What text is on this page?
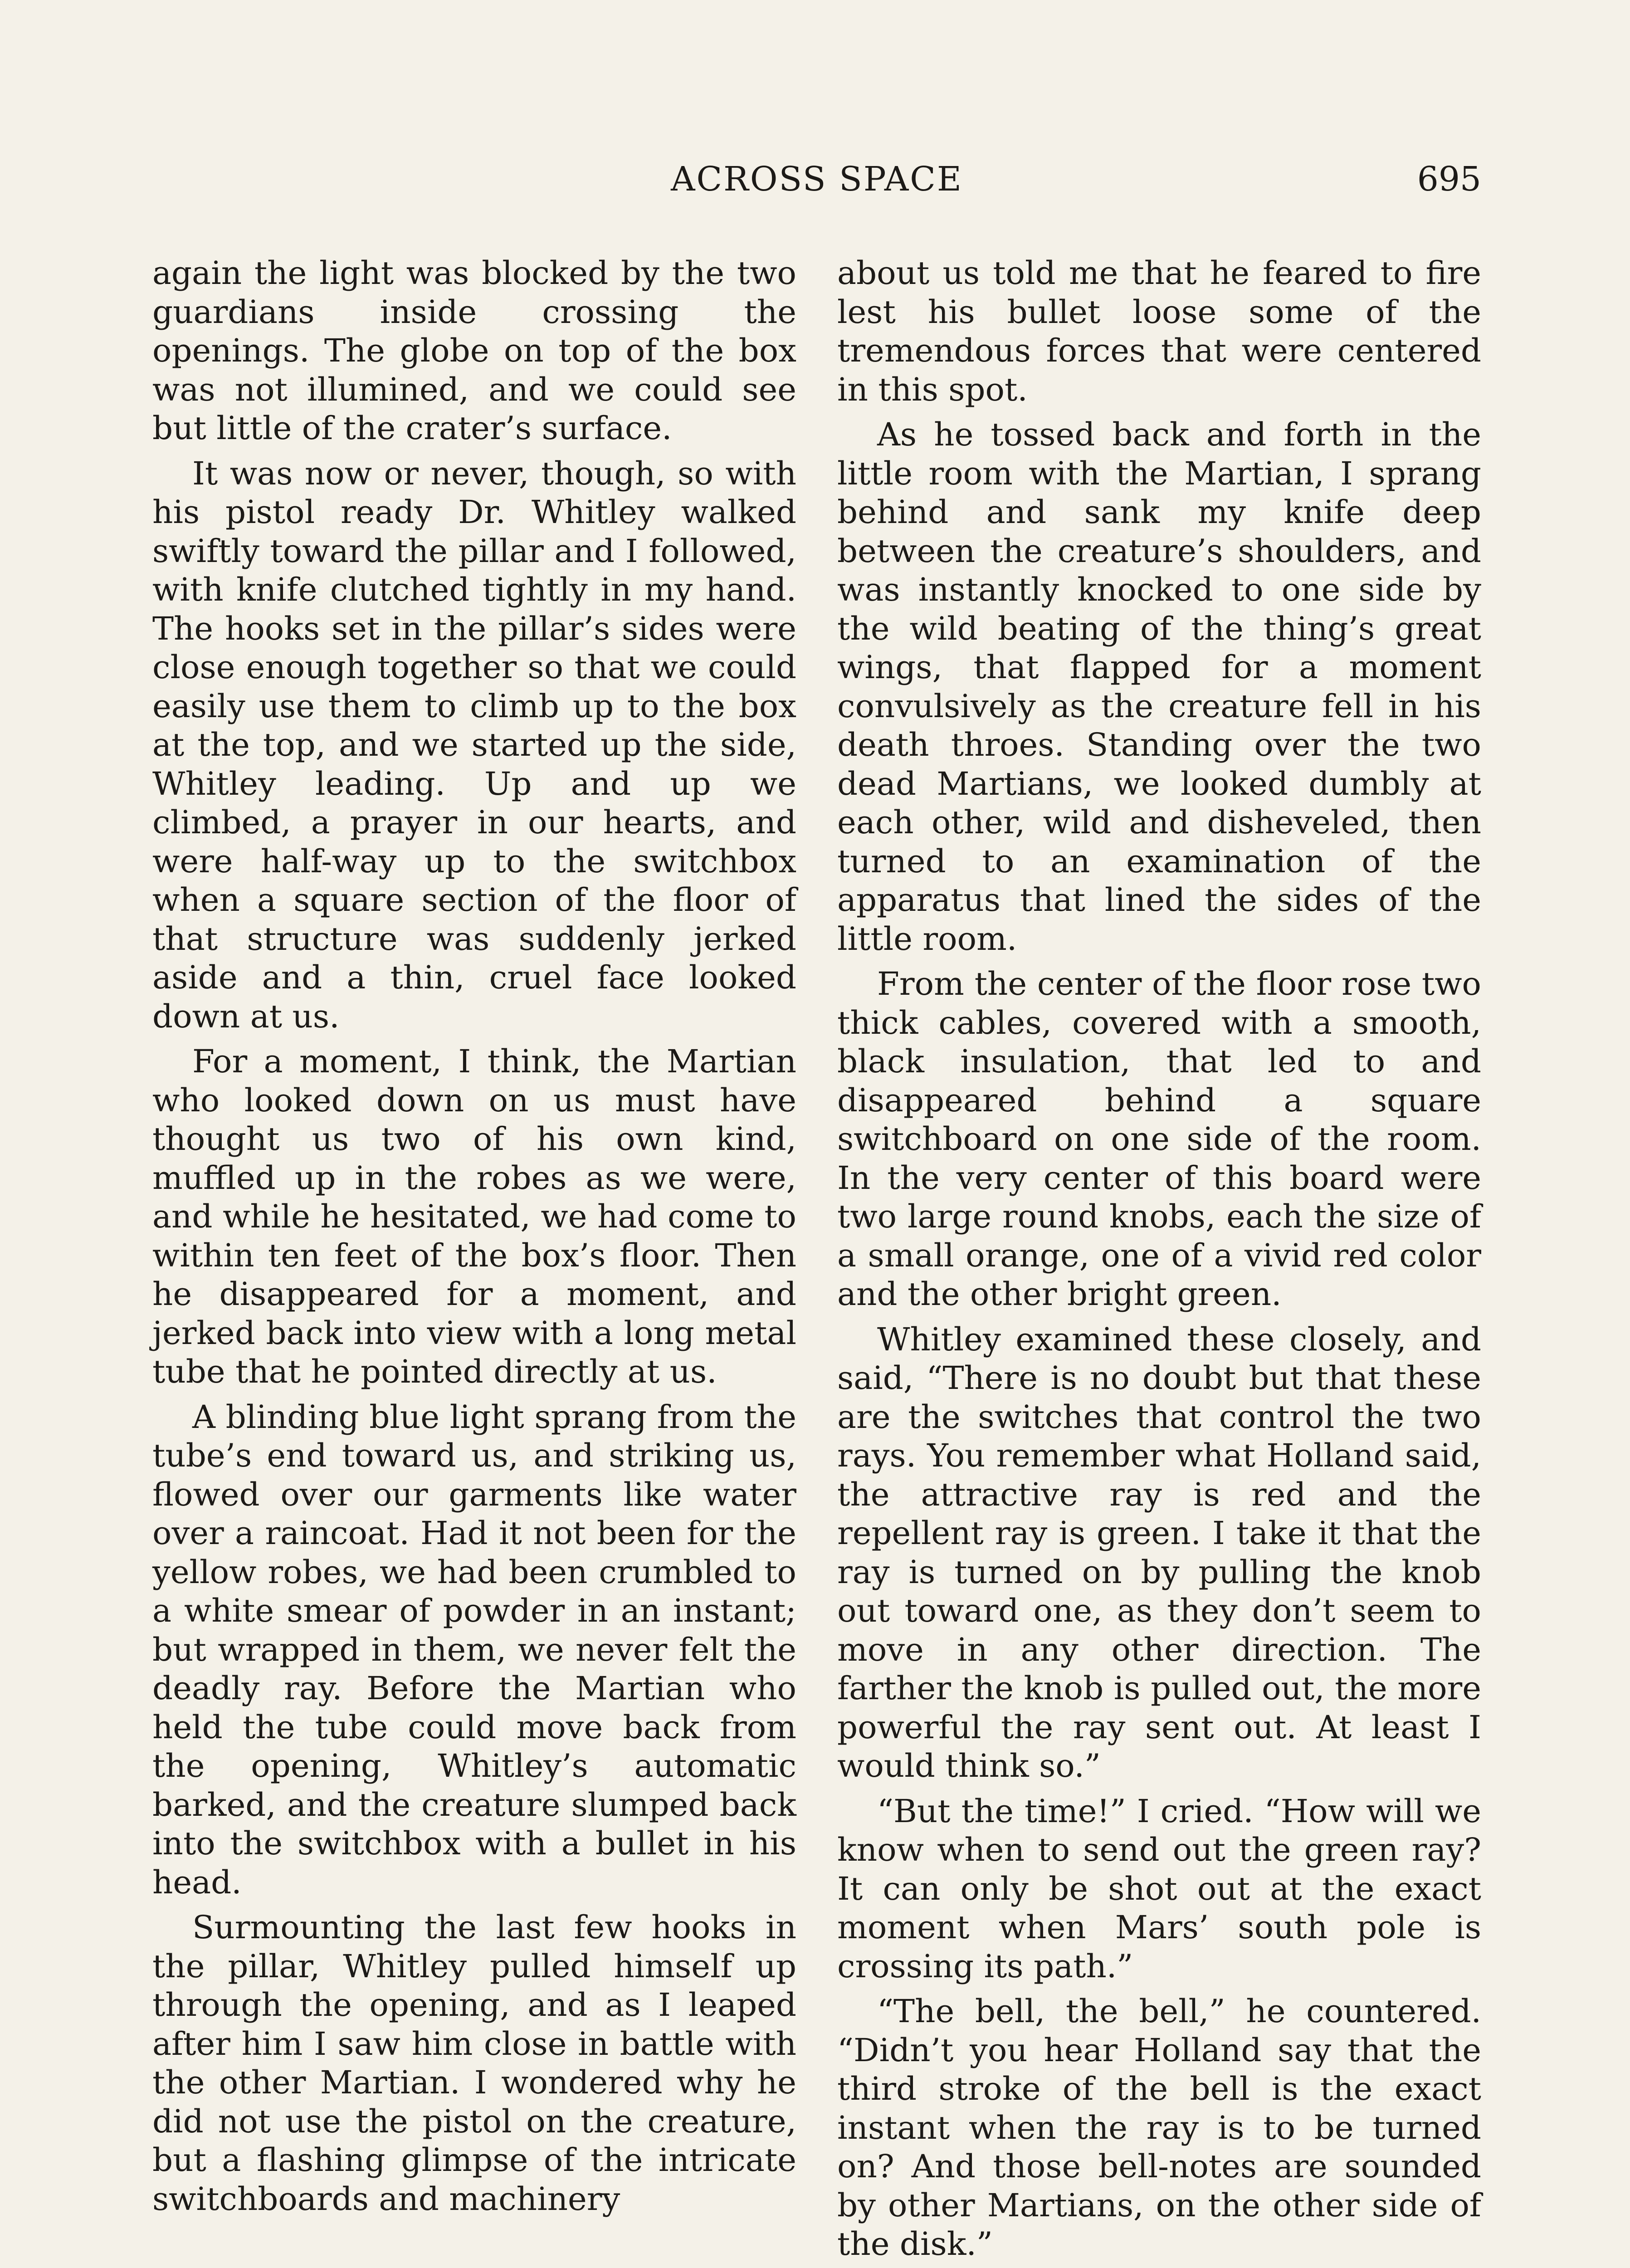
ACROSS SPACE	695

again the light was blocked by the two guardians inside crossing the openings. The globe on top of the box was not illumined, and we could see but little of the crater’s surface.

It was now or never, though, so with his pistol ready Dr. Whitley walked swiftly toward the pillar and I followed, with knife clutched tightly in my hand. The hooks set in the pillar’s sides were close enough together so that we could easily use them to climb up to the box at the top, and we started up the side, Whitley leading. Up and up we climbed, a prayer in our hearts, and were half-way up to the switchbox when a square section of the floor of that structure was suddenly jerked aside and a thin, cruel face looked down at us.

For a moment, I think, the Martian who looked down on us must have thought us two of his own kind, muffled up in the robes as we were, and while he hesitated, we had come to within ten feet of the box’s floor. Then he disappeared for a moment, and jerked back into view with a long metal tube that he pointed directly at us.

A blinding blue light sprang from the tube’s end toward us, and striking us, flowed over our garments like water over a raincoat. Had it not been for the yellow robes, we had been crumbled to a white smear of powder in an instant; but wrapped in them, we never felt the deadly ray. Before the Martian who held the tube could move back from the opening, Whitley’s automatic barked, and the creature slumped back into the switchbox with a bullet in his head.

Surmounting the last few hooks in the pillar, Whitley pulled himself up through the opening, and as I leaped after him I saw him close in battle with the other Martian. I wondered why he did not use the pistol on the creature, but a flashing glimpse of the intricate switchboards and machinery

about us told me that he feared to fire lest his bullet loose some of the tremendous forces that were centered in this spot.

As he tossed back and forth in the little room with the Martian, I sprang behind and sank my knife deep between the creature’s shoulders, and was instantly knocked to one side by the wild beating of the thing’s great wings, that flapped for a moment convulsively as the creature fell in his death throes. Standing over the two dead Martians, we looked dumbly at each other, wild and disheveled, then turned to an examination of the apparatus that lined the sides of the little room.

From the center of the floor rose two thick cables, covered with a smooth, black insulation, that led to and disappeared behind a square switchboard on one side of the room. In the very center of this board were two large round knobs, each the size of a small orange, one of a vivid red color and the other bright green.

Whitley examined these closely, and said, “There is no doubt but that these are the switches that control the two rays. You remember what Holland said, the attractive ray is red and the repellent ray is green. I take it that the ray is turned on by pulling the knob out toward one, as they don’t seem to move in any other direction. The farther the knob is pulled out, the more powerful the ray sent out. At least I would think so.”

“But the time!” I cried. “How will we know when to send out the green ray? It can only be shot out at the exact moment when Mars’ south pole is crossing its path.”

“The bell, the bell,” he countered. “Didn’t you hear Holland say that the third stroke of the bell is the exact instant when the ray is to be turned on? And those bell-notes are sounded by other Martians, on the other side of the disk.”
